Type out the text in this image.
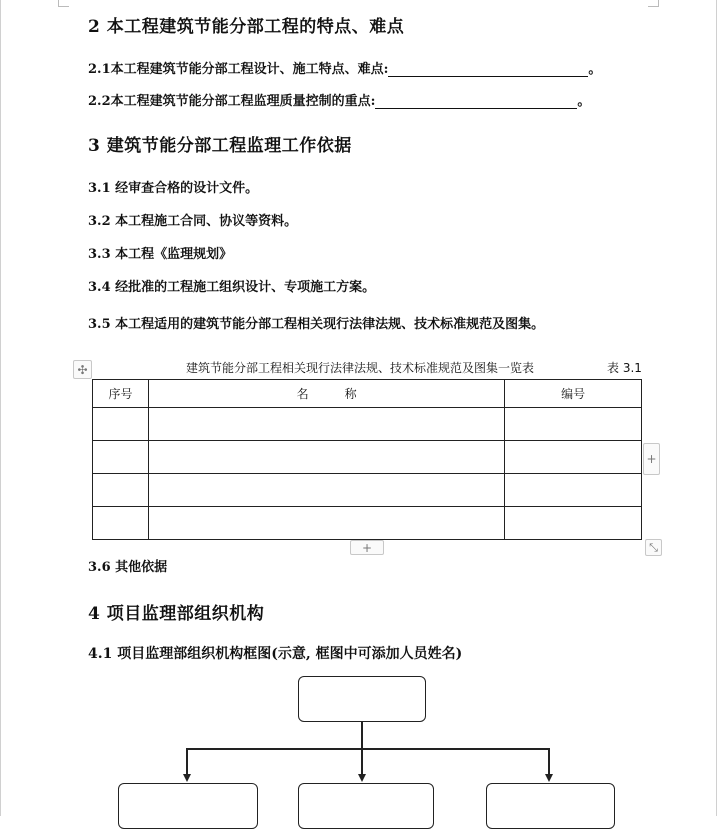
2 本工程建筑节能分部工程的特点、难点
2.1本工程建筑节能分部工程设计、施工特点、难点:	。
2.2本工程建筑节能分部工程监理质量控制的重点:	。
3 建筑节能分部工程监理工作依据
3.1 经审查合格的设计文件。
3.2 本工程施工合同、协议等资料。
3.3 本工程《监理规划》
3.4 经批准的工程施工组织设计、专项施工方案。
3.5 本工程适用的建筑节能分部工程相关现行法律法规、技术标准规范及图集。
✣	建筑节能分部工程相关现行法律法规、技术标准规范及图集一览表	表 3.1
序号	名　　　称	编号

+
+	⤡
3.6 其他依据
4 项目监理部组织机构
4.1 项目监理部组织机构框图(示意, 框图中可添加人员姓名)
